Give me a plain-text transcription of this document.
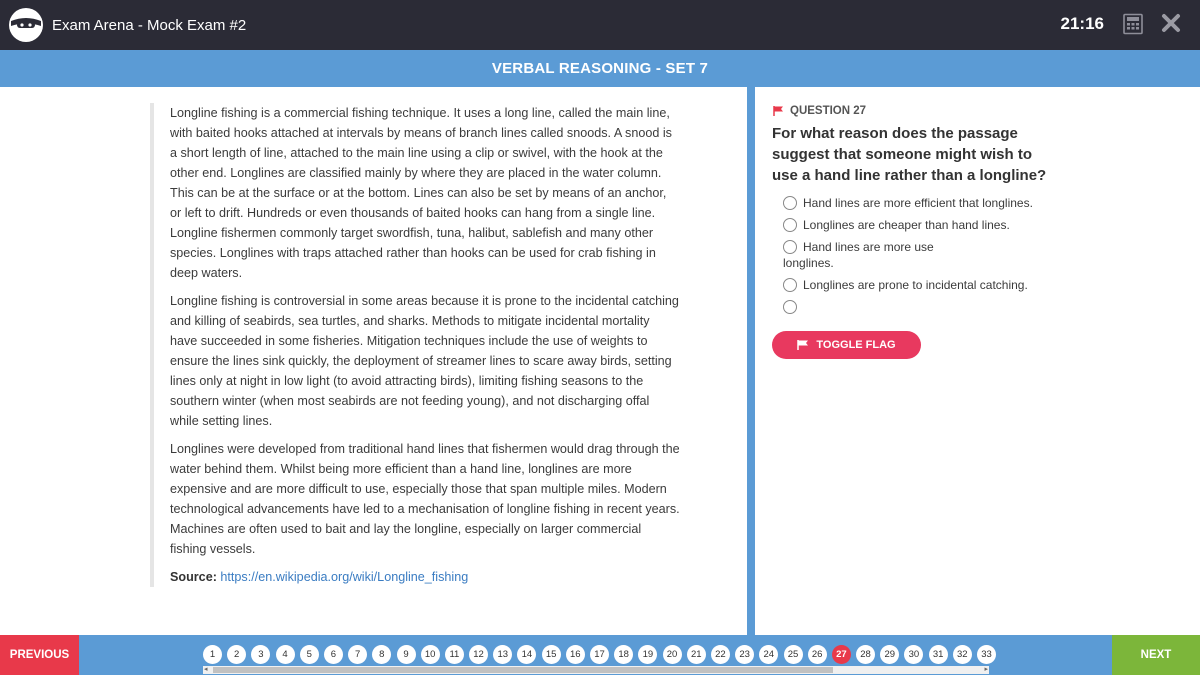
Exam Arena - Mock Exam #2	21:16
VERBAL REASONING - SET 7

Longline fishing is a commercial fishing technique. It uses a long line, called the main line, with baited hooks attached at intervals by means of branch lines called snoods. A snood is a short length of line, attached to the main line using a clip or swivel, with the hook at the other end. Longlines are classified mainly by where they are placed in the water column. This can be at the surface or at the bottom. Lines can also be set by means of an anchor, or left to drift. Hundreds or even thousands of baited hooks can hang from a single line. Longline fishermen commonly target swordfish, tuna, halibut, sablefish and many other species. Longlines with traps attached rather than hooks can be used for crab fishing in deep waters.

Longline fishing is controversial in some areas because it is prone to the incidental catching and killing of seabirds, sea turtles, and sharks. Methods to mitigate incidental mortality have succeeded in some fisheries. Mitigation techniques include the use of weights to ensure the lines sink quickly, the deployment of streamer lines to scare away birds, setting lines only at night in low light (to avoid attracting birds), limiting fishing seasons to the southern winter (when most seabirds are not feeding young), and not discharging offal while setting lines.

Longlines were developed from traditional hand lines that fishermen would drag through the water behind them. Whilst being more efficient than a hand line, longlines are more expensive and are more difficult to use, especially those that span multiple miles. Modern technological advancements have led to a mechanisation of longline fishing in recent years. Machines are often used to bait and lay the longline, especially on larger commercial fishing vessels.

Source: https://en.wikipedia.org/wiki/Longline_fishing
QUESTION 27
For what reason does the passage suggest that someone might wish to use a hand line rather than a longline?
Hand lines are more efficient that longlines.
Longlines are cheaper than hand lines.
Hand lines are more use
longlines.
Longlines are prone to incidental catching.
TOGGLE FLAG
PREVIOUS	1 2 3 4 5 6 7 8 9 10 11 12 13 14 15 16 17 18 19 20 21 22 23 24 25 26 27 28 29 30 31 32 33
◂	▸
NEXT
